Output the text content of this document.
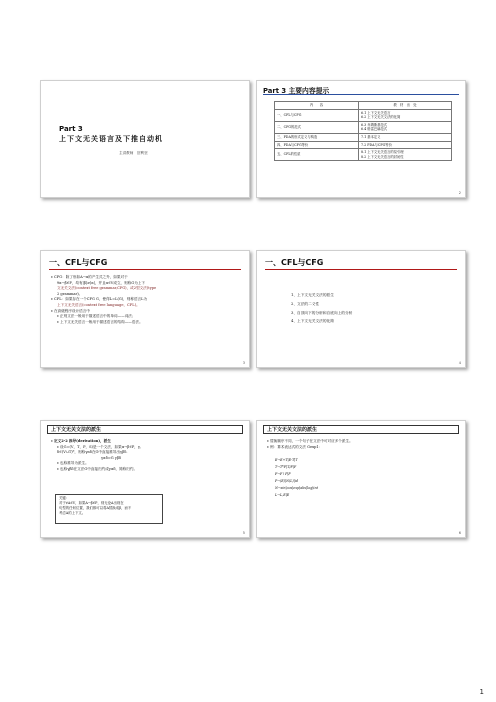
Part 3
上下文无关语言及下推自动机
主讲教师　贺利坚
Part 3 主要内容提示
内　　容	教　材　出　处
一、CFL与CFG	6.1 上下文无关语言
6.2 上下文无关文法的化简

二、CFG的范式	6.3 乔姆斯基范式
6.4 格雷巴赫范式

三、PDA的形式定义与构造	7.1 基本定义
四、PDA与CFG等价	7.2 PDA与CFG等价
五、CFL的性质	8.1 上下文无关语言的泵引理
8.2 上下文无关语言的封闭性
2
一、CFL与CFG
ε CFG：除了形如A→α的产生式之外，如果对于
∀α→β∈P，均有|β|≥|α|，并且α∈V成立，则称G为上下
文无关文法(context free grammar,CFG)，或2型文法(type
2 grammar)。
ε CFL：如果存在一个CFG G，使得L=L(G)，则称语言L为
上下文无关语言(context free language，CFL)。
ε 在高级程序设计语言中
ε 正则文法一般用于描述语言中的单词——词法；
ε 上下文无关语言一般用于描述语言的结构——语法。
3
一、CFL与CFG
1、上下文无关文法的派生
2、文法的二义性
3、自顶向下的分析和自底向上的分析
4、上下文无关文法的化简
4
上下文无关文法的派生
ε 定义2-2 推导(derivation)，派生
ε 设G=(V，T，P，S)是一个文法，如果α→β∈P，γ,
δ∈(V∪T)*，则称γαδ在G中直接推导出γβδ.
γαδ⇒G γβδ
ε 也称推导为派生。
ε 也称γβδ在文法G中直接归约成γαδ，简称归约。
关键：
对于∀A∈V，如果A→β∈P，则无论A出现在
句型的任何位置，我们都可以将A替换成β，而不
考虑A的上下文。
5
上下文无关文法的派生
ε 替换顺序不同，一个句子在文法中可对应多个派生。
ε 例：算术表达式的文法 Gexp1：
E→E+T|E-T|T
T→T*F|T/F|F
F→F↑P|P
P→(E)|N(L)|id
N→sin|cos|exp|abs|log|int
L→L,E|E
6
1
